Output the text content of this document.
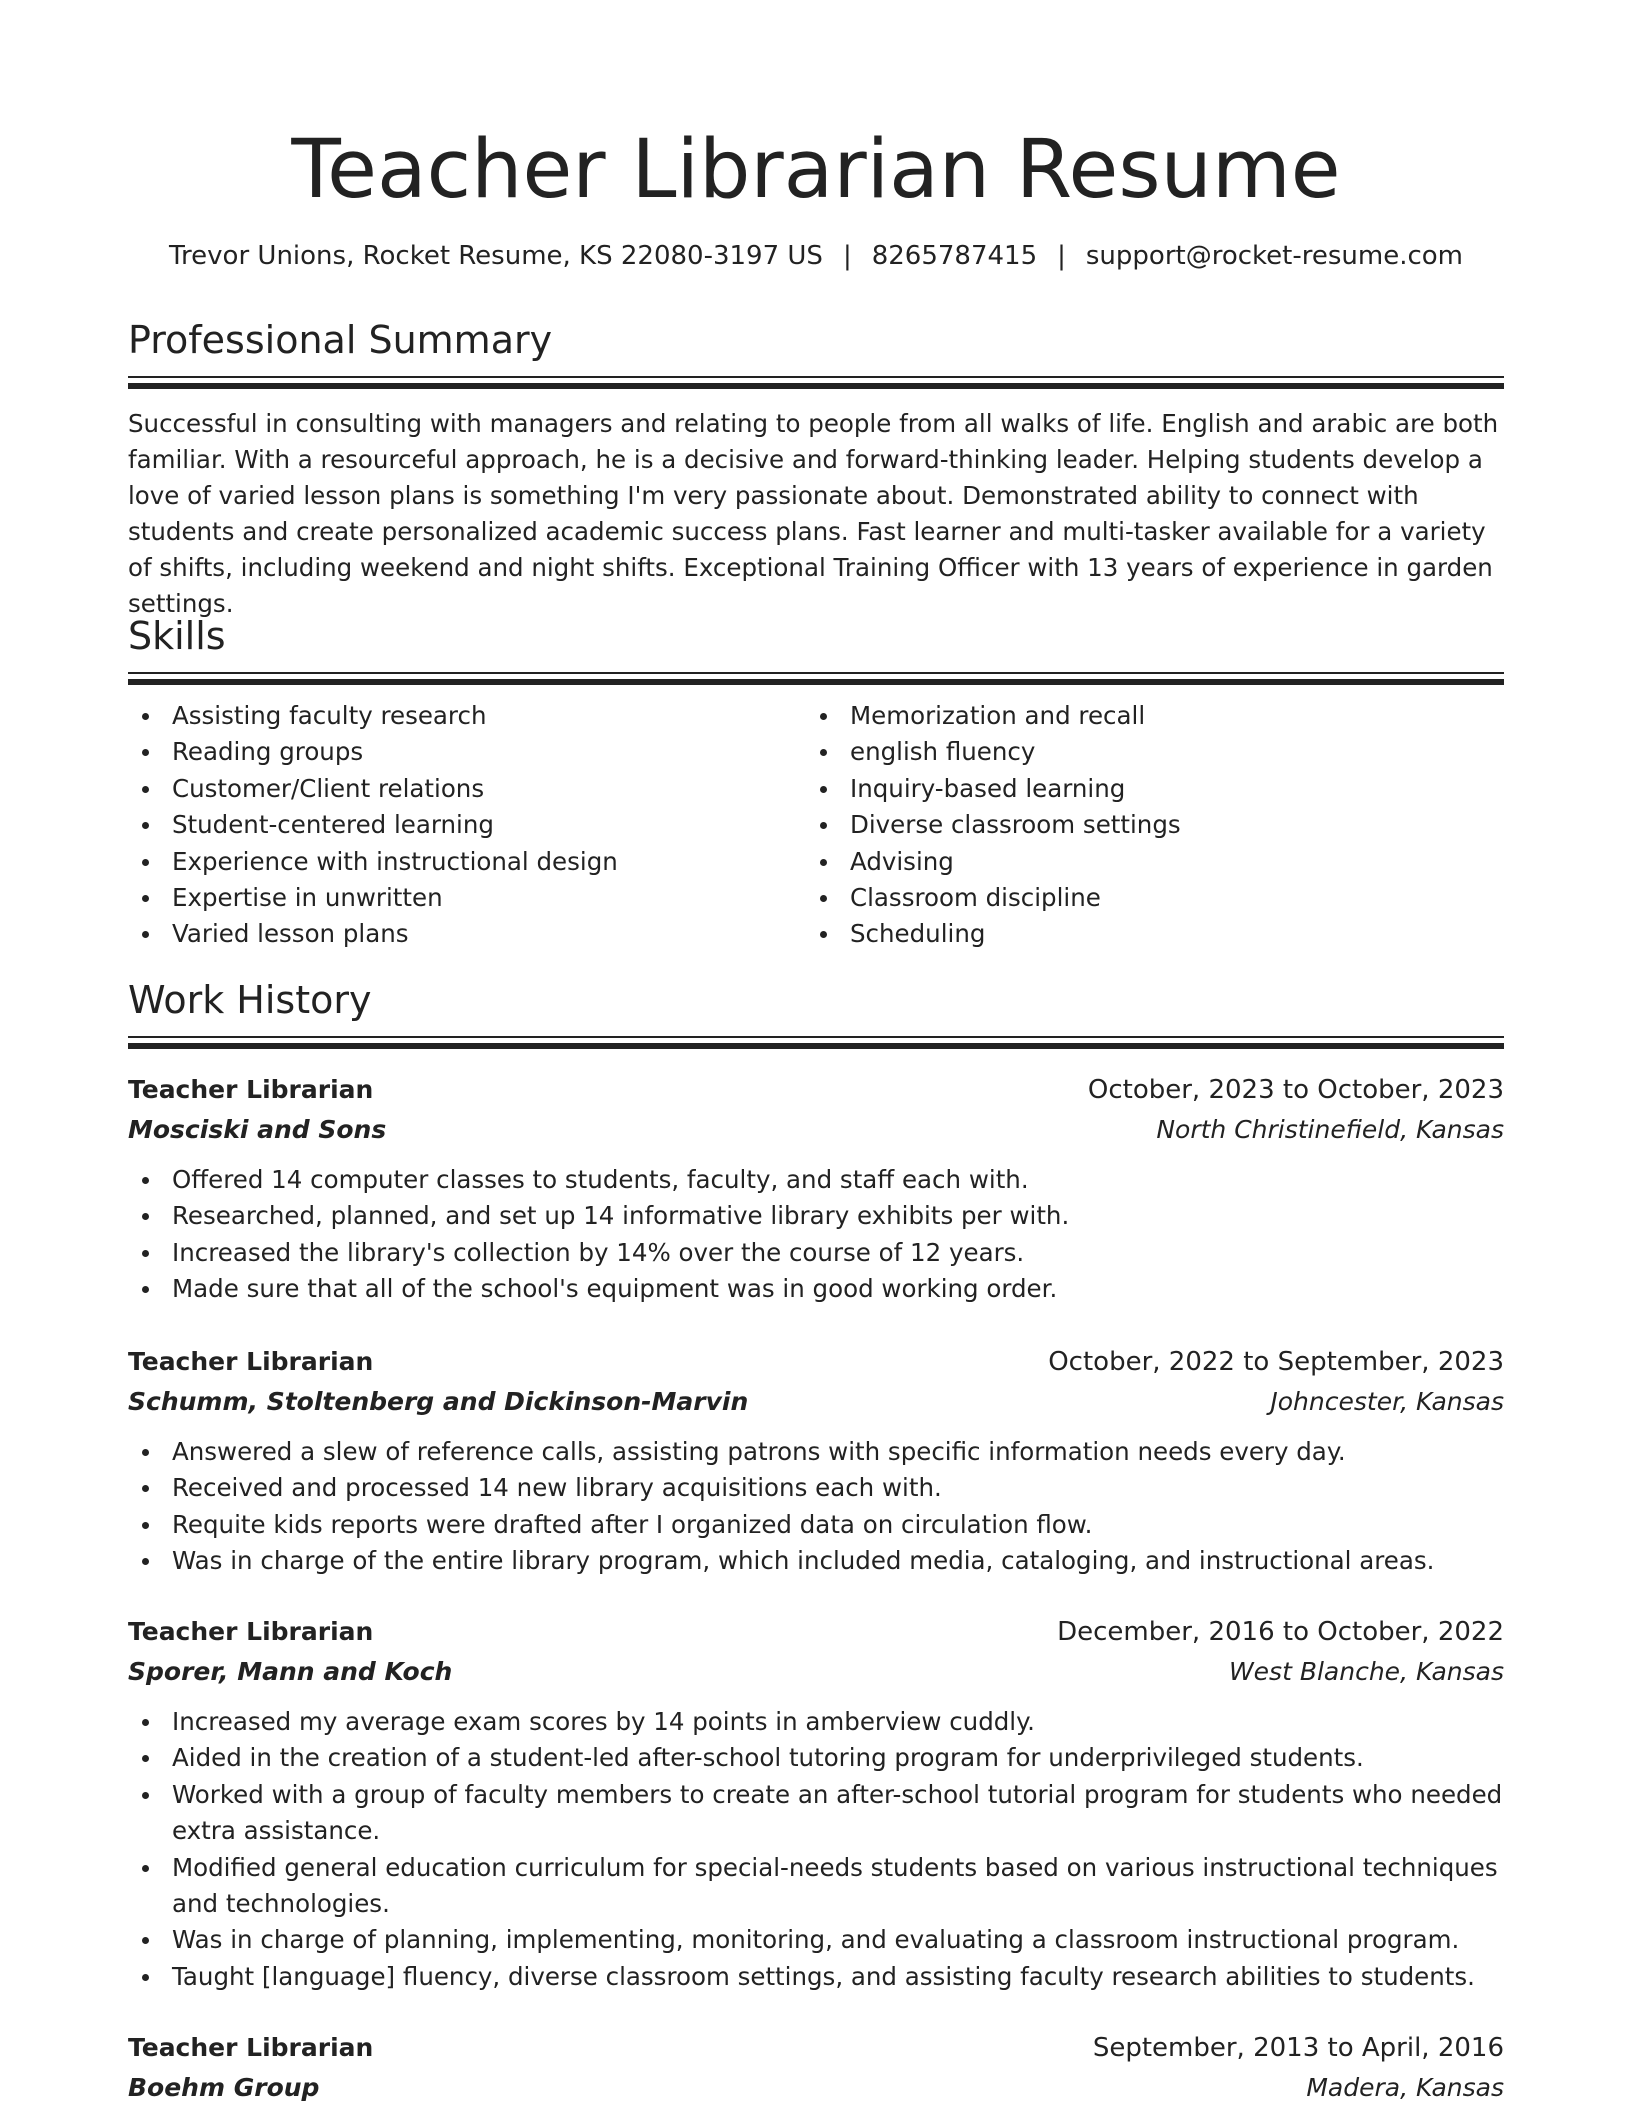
Teacher Librarian Resume
Trevor Unions, Rocket Resume, KS 22080-3197 US | 8265787415 | support@rocket-resume.com
Professional Summary

Successful in consulting with managers and relating to people from all walks of life. English and arabic are both familiar. With a resourceful approach, he is a decisive and forward-thinking leader. Helping students develop a love of varied lesson plans is something I'm very passionate about. Demonstrated ability to connect with students and create personalized academic success plans. Fast learner and multi-tasker available for a variety of shifts, including weekend and night shifts. Exceptional Training Officer with 13 years of experience in garden settings.

Skills
Assisting faculty research
Reading groups
Customer/Client relations
Student-centered learning
Experience with instructional design
Expertise in unwritten
Varied lesson plans
Memorization and recall
english fluency
Inquiry-based learning
Diverse classroom settings
Advising
Classroom discipline
Scheduling
Work History
Teacher Librarian	October, 2023 to October, 2023
Mosciski and Sons	North Christinefield, Kansas
Offered 14 computer classes to students, faculty, and staff each with.
Researched, planned, and set up 14 informative library exhibits per with.
Increased the library's collection by 14% over the course of 12 years.
Made sure that all of the school's equipment was in good working order.
Teacher Librarian	October, 2022 to September, 2023
Schumm, Stoltenberg and Dickinson-Marvin	Johncester, Kansas
Answered a slew of reference calls, assisting patrons with specific information needs every day.
Received and processed 14 new library acquisitions each with.
Requite kids reports were drafted after I organized data on circulation flow.
Was in charge of the entire library program, which included media, cataloging, and instructional areas.
Teacher Librarian	December, 2016 to October, 2022
Sporer, Mann and Koch	West Blanche, Kansas
Increased my average exam scores by 14 points in amberview cuddly.
Aided in the creation of a student-led after-school tutoring program for underprivileged students.
Worked with a group of faculty members to create an after-school tutorial program for students who needed extra assistance.
Modified general education curriculum for special-needs students based on various instructional techniques and technologies.
Was in charge of planning, implementing, monitoring, and evaluating a classroom instructional program.
Taught [language] fluency, diverse classroom settings, and assisting faculty research abilities to students.
Teacher Librarian	September, 2013 to April, 2016
Boehm Group	Madera, Kansas
